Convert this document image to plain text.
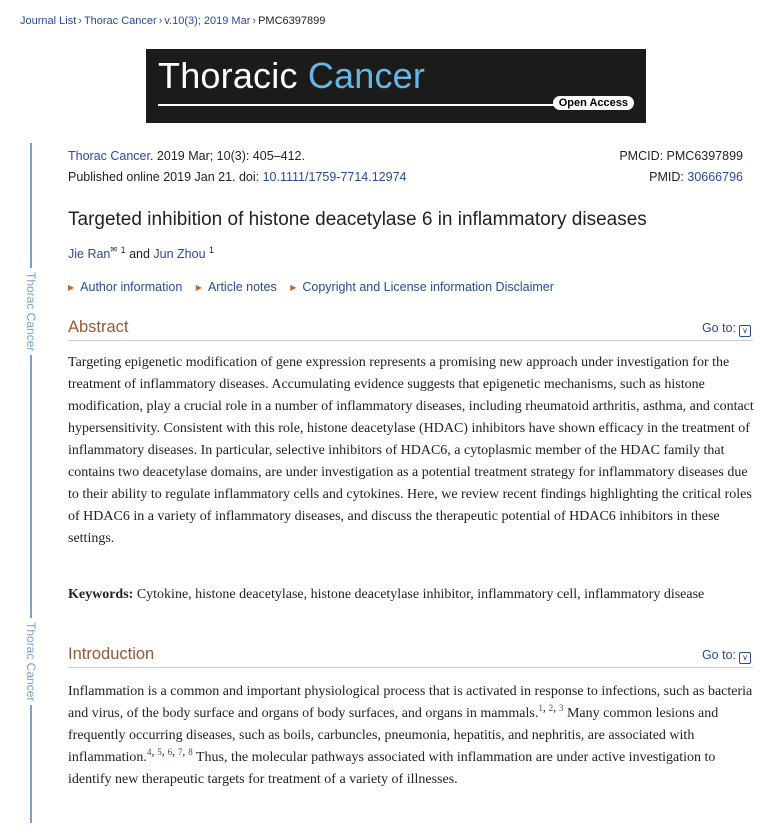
Journal List › Thorac Cancer › v.10(3); 2019 Mar › PMC6397899
Thoracic Cancer
Open Access
Thorac Cancer
Thorac Cancer
Thorac Cancer. 2019 Mar; 10(3): 405–412.
Published online 2019 Jan 21. doi: 10.1111/1759-7714.12974
PMCID: PMC6397899
PMID: 30666796
Targeted inhibition of histone deacetylase 6 in inflammatory diseases
Jie Ran✉ $^1$ and Jun Zhou $^1$
▶ Author information ▶ Article notes ▶ Copyright and License information Disclaimer
Abstract	Go to: ∨
Targeting epigenetic modification of gene expression represents a promising new approach under investigation for the treatment of inflammatory diseases. Accumulating evidence suggests that epigenetic mechanisms, such as histone modification, play a crucial role in a number of inflammatory diseases, including rheumatoid arthritis, asthma, and contact hypersensitivity. Consistent with this role, histone deacetylase (HDAC) inhibitors have shown efficacy in the treatment of inflammatory diseases. In particular, selective inhibitors of HDAC6, a cytoplasmic member of the HDAC family that contains two deacetylase domains, are under investigation as a potential treatment strategy for inflammatory diseases due to their ability to regulate inflammatory cells and cytokines. Here, we review recent findings highlighting the critical roles of HDAC6 in a variety of inflammatory diseases, and discuss the therapeutic potential of HDAC6 inhibitors in these settings.
Keywords: Cytokine, histone deacetylase, histone deacetylase inhibitor, inflammatory cell, inflammatory disease
Introduction	Go to: ∨
Inflammation is a common and important physiological process that is activated in response to infections, such as bacteria and virus, of the body surface and organs of body surfaces, and organs in mammals.$^{1, 2, 3}$ Many common lesions and frequently occurring diseases, such as boils, carbuncles, pneumonia, hepatitis, and nephritis, are associated with inflammation.$^{4, 5, 6, 7, 8}$ Thus, the molecular pathways associated with inflammation are under active investigation to identify new therapeutic targets for treatment of a variety of illnesses.
